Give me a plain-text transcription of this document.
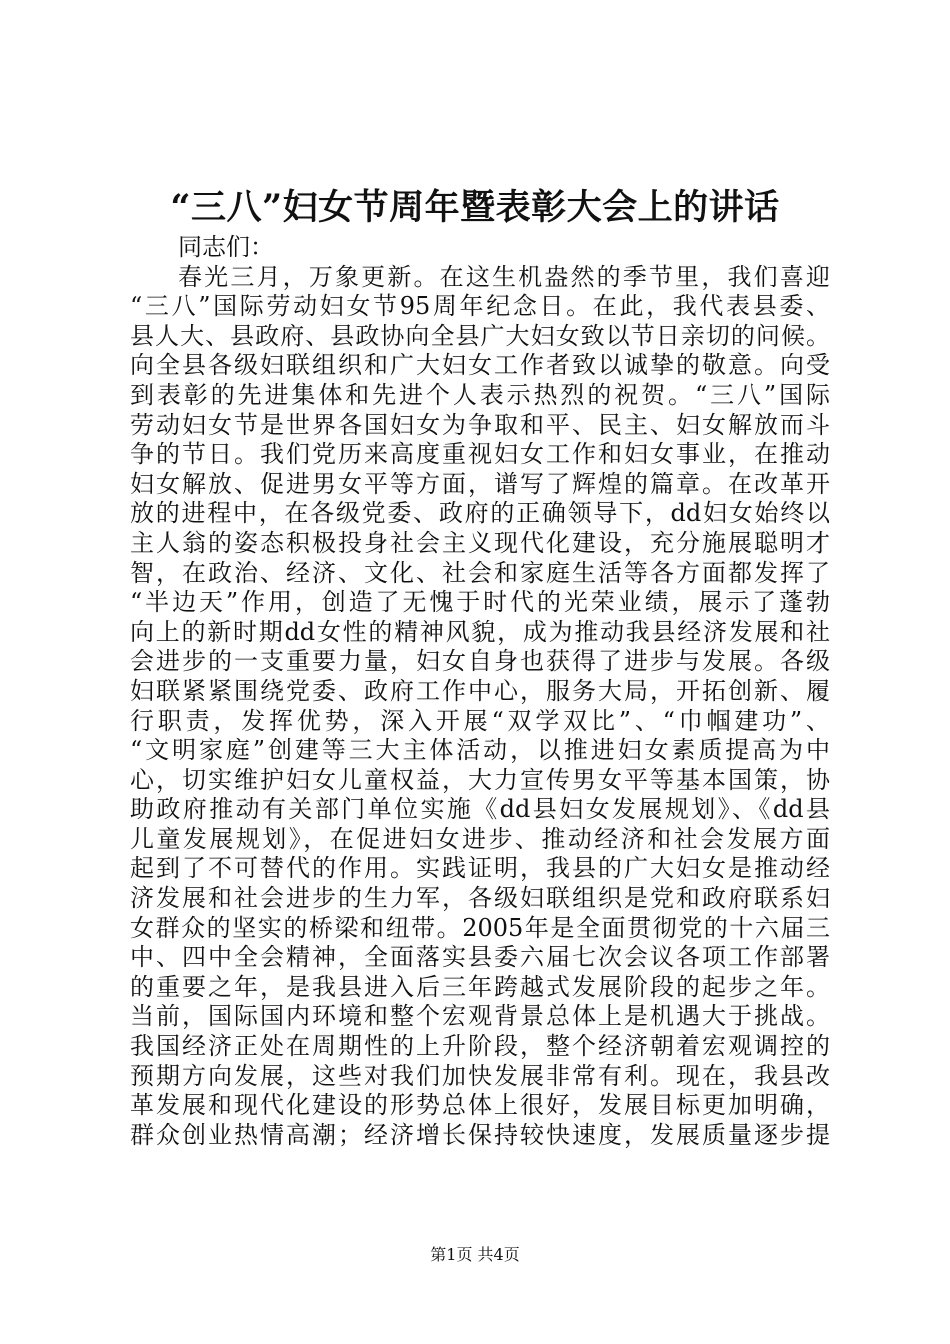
“三八”妇女节周年暨表彰大会上的讲话
同志们：
春光三月，万象更新。在这生机盎然的季节里，我们喜迎
“三八”国际劳动妇女节95周年纪念日。在此，我代表县委、
县人大、县政府、县政协向全县广大妇女致以节日亲切的问候。
向全县各级妇联组织和广大妇女工作者致以诚挚的敬意。向受
到表彰的先进集体和先进个人表示热烈的祝贺。“三八”国际
劳动妇女节是世界各国妇女为争取和平、民主、妇女解放而斗
争的节日。我们党历来高度重视妇女工作和妇女事业，在推动
妇女解放、促进男女平等方面，谱写了辉煌的篇章。在改革开
放的进程中，在各级党委、政府的正确领导下，dd妇女始终以
主人翁的姿态积极投身社会主义现代化建设，充分施展聪明才
智，在政治、经济、文化、社会和家庭生活等各方面都发挥了
“半边天”作用，创造了无愧于时代的光荣业绩，展示了蓬勃
向上的新时期dd女性的精神风貌，成为推动我县经济发展和社
会进步的一支重要力量，妇女自身也获得了进步与发展。各级
妇联紧紧围绕党委、政府工作中心，服务大局，开拓创新、履
行职责，发挥优势，深入开展“双学双比”、“巾帼建功”、
“文明家庭”创建等三大主体活动，以推进妇女素质提高为中
心，切实维护妇女儿童权益，大力宣传男女平等基本国策，协
助政府推动有关部门单位实施《dd县妇女发展规划》、《dd县
儿童发展规划》，在促进妇女进步、推动经济和社会发展方面
起到了不可替代的作用。实践证明，我县的广大妇女是推动经
济发展和社会进步的生力军，各级妇联组织是党和政府联系妇
女群众的坚实的桥梁和纽带。2005年是全面贯彻党的十六届三
中、四中全会精神，全面落实县委六届七次会议各项工作部署
的重要之年，是我县进入后三年跨越式发展阶段的起步之年。
当前，国际国内环境和整个宏观背景总体上是机遇大于挑战。
我国经济正处在周期性的上升阶段，整个经济朝着宏观调控的
预期方向发展，这些对我们加快发展非常有利。现在，我县改
革发展和现代化建设的形势总体上很好，发展目标更加明确，
群众创业热情高潮；经济增长保持较快速度，发展质量逐步提
第1页 共4页
